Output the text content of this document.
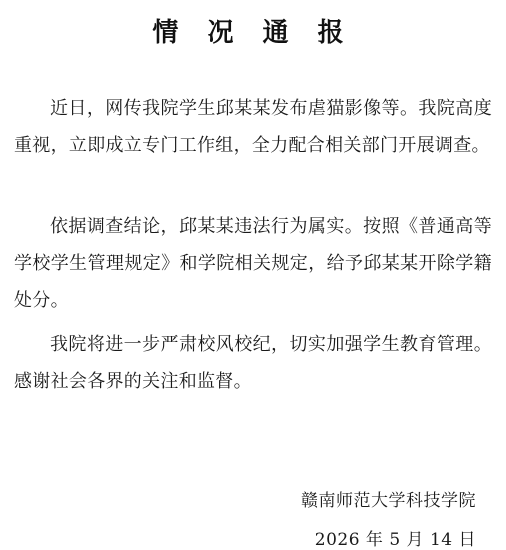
情 况 通 报

近日，网传我院学生邱某某发布虐猫影像等。我院高度重视，立即成立专门工作组，全力配合相关部门开展调查。

依据调查结论，邱某某违法行为属实。按照《普通高等学校学生管理规定》和学院相关规定，给予邱某某开除学籍处分。

我院将进一步严肃校风校纪，切实加强学生教育管理。感谢社会各界的关注和监督。

赣南师范大学科技学院
2026 年 5 月 14 日
